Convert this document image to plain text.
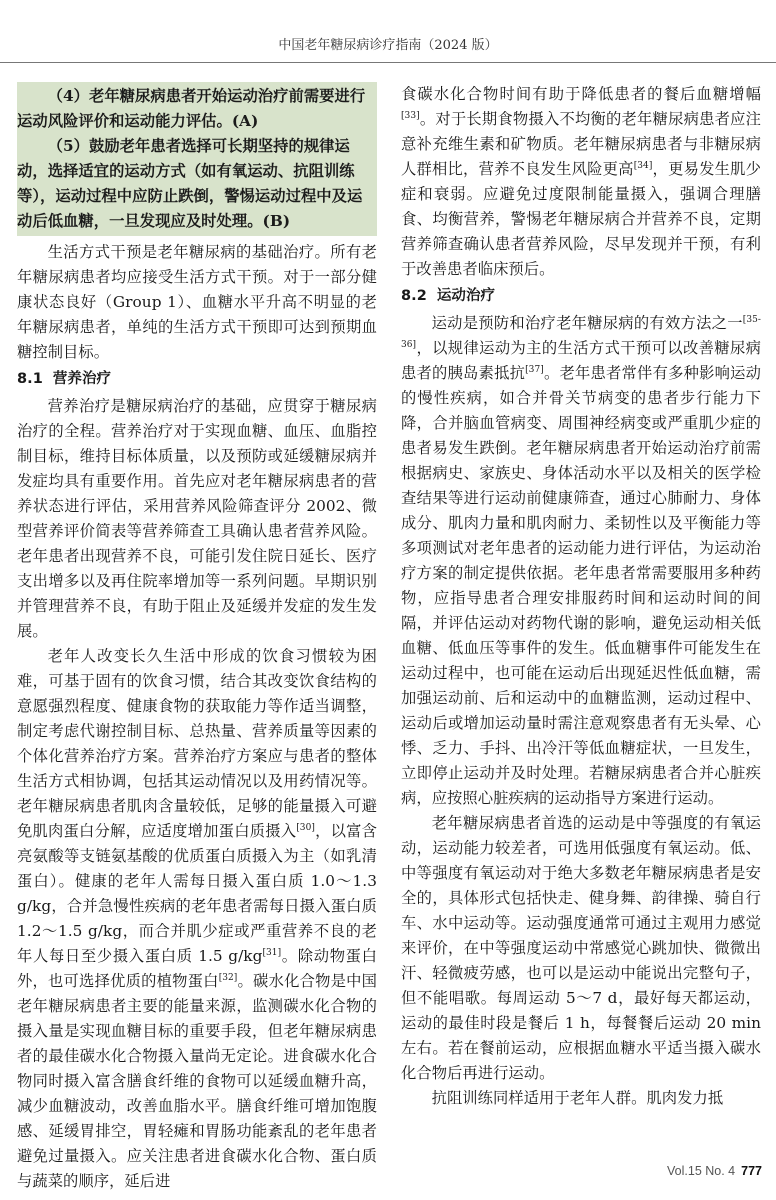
中国老年糖尿病诊疗指南（2024 版）

（4）老年糖尿病患者开始运动治疗前需要进行运动风险评价和运动能力评估。(A)

（5）鼓励老年患者选择可长期坚持的规律运动，选择适宜的运动方式（如有氧运动、抗阻训练等），运动过程中应防止跌倒，警惕运动过程中及运动后低血糖，一旦发现应及时处理。(B)

生活方式干预是老年糖尿病的基础治疗。所有老年糖尿病患者均应接受生活方式干预。对于一部分健康状态良好（Group 1）、血糖水平升高不明显的老年糖尿病患者，单纯的生活方式干预即可达到预期血糖控制目标。

8.1 营养治疗

营养治疗是糖尿病治疗的基础，应贯穿于糖尿病治疗的全程。营养治疗对于实现血糖、血压、血脂控制目标，维持目标体质量，以及预防或延缓糖尿病并发症均具有重要作用。首先应对老年糖尿病患者的营养状态进行评估，采用营养风险筛查评分 2002、微型营养评价简表等营养筛查工具确认患者营养风险。老年患者出现营养不良，可能引发住院日延长、医疗支出增多以及再住院率增加等一系列问题。早期识别并管理营养不良，有助于阻止及延缓并发症的发生发展。

老年人改变长久生活中形成的饮食习惯较为困难，可基于固有的饮食习惯，结合其改变饮食结构的意愿强烈程度、健康食物的获取能力等作适当调整，制定考虑代谢控制目标、总热量、营养质量等因素的个体化营养治疗方案。营养治疗方案应与患者的整体生活方式相协调，包括其运动情况以及用药情况等。老年糖尿病患者肌肉含量较低，足够的能量摄入可避免肌肉蛋白分解，应适度增加蛋白质摄入[30]，以富含亮氨酸等支链氨基酸的优质蛋白质摄入为主（如乳清蛋白）。健康的老年人需每日摄入蛋白质 1.0～1.3 g/kg，合并急慢性疾病的老年患者需每日摄入蛋白质 1.2～1.5 g/kg，而合并肌少症或严重营养不良的老年人每日至少摄入蛋白质 1.5 g/kg[31]。除动物蛋白外，也可选择优质的植物蛋白[32]。碳水化合物是中国老年糖尿病患者主要的能量来源，监测碳水化合物的摄入量是实现血糖目标的重要手段，但老年糖尿病患者的最佳碳水化合物摄入量尚无定论。进食碳水化合物同时摄入富含膳食纤维的食物可以延缓血糖升高，减少血糖波动，改善血脂水平。膳食纤维可增加饱腹感、延缓胃排空，胃轻瘫和胃肠功能紊乱的老年患者避免过量摄入。应关注患者进食碳水化合物、蛋白质与蔬菜的顺序，延后进

食碳水化合物时间有助于降低患者的餐后血糖增幅[33]。对于长期食物摄入不均衡的老年糖尿病患者应注意补充维生素和矿物质。老年糖尿病患者与非糖尿病人群相比，营养不良发生风险更高[34]，更易发生肌少症和衰弱。应避免过度限制能量摄入，强调合理膳食、均衡营养，警惕老年糖尿病合并营养不良，定期营养筛查确认患者营养风险，尽早发现并干预，有利于改善患者临床预后。

8.2 运动治疗

运动是预防和治疗老年糖尿病的有效方法之一[35-36]，以规律运动为主的生活方式干预可以改善糖尿病患者的胰岛素抵抗[37]。老年患者常伴有多种影响运动的慢性疾病，如合并骨关节病变的患者步行能力下降，合并脑血管病变、周围神经病变或严重肌少症的患者易发生跌倒。老年糖尿病患者开始运动治疗前需根据病史、家族史、身体活动水平以及相关的医学检查结果等进行运动前健康筛查，通过心肺耐力、身体成分、肌肉力量和肌肉耐力、柔韧性以及平衡能力等多项测试对老年患者的运动能力进行评估，为运动治疗方案的制定提供依据。老年患者常需要服用多种药物，应指导患者合理安排服药时间和运动时间的间隔，并评估运动对药物代谢的影响，避免运动相关低血糖、低血压等事件的发生。低血糖事件可能发生在运动过程中，也可能在运动后出现延迟性低血糖，需加强运动前、后和运动中的血糖监测，运动过程中、运动后或增加运动量时需注意观察患者有无头晕、心悸、乏力、手抖、出冷汗等低血糖症状，一旦发生，立即停止运动并及时处理。若糖尿病患者合并心脏疾病，应按照心脏疾病的运动指导方案进行运动。

老年糖尿病患者首选的运动是中等强度的有氧运动，运动能力较差者，可选用低强度有氧运动。低、中等强度有氧运动对于绝大多数老年糖尿病患者是安全的，具体形式包括快走、健身舞、韵律操、骑自行车、水中运动等。运动强度通常可通过主观用力感觉来评价，在中等强度运动中常感觉心跳加快、微微出汗、轻微疲劳感，也可以是运动中能说出完整句子，但不能唱歌。每周运动 5～7 d，最好每天都运动，运动的最佳时段是餐后 1 h，每餐餐后运动 20 min 左右。若在餐前运动，应根据血糖水平适当摄入碳水化合物后再进行运动。

抗阻训练同样适用于老年人群。肌肉发力抵

Vol.15 No. 4 777
